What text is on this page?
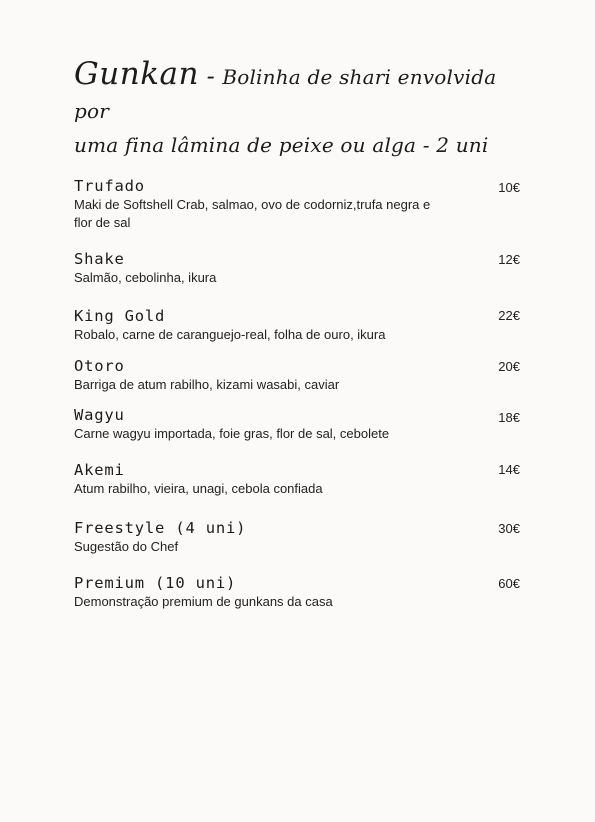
Gunkan - Bolinha de shari envolvida por
uma fina lâmina de peixe ou alga - 2 uni
Trufado	10€
Maki de Softshell Crab, salmao, ovo de codorniz,trufa negra e flor de sal
Shake	12€
Salmão, cebolinha, ikura
King Gold	22€
Robalo, carne de caranguejo-real, folha de ouro, ikura
Otoro	20€
Barriga de atum rabilho, kizami wasabi, caviar
Wagyu	18€
Carne wagyu importada, foie gras, flor de sal, cebolete
Akemi	14€
Atum rabilho, vieira, unagi, cebola confiada
Freestyle (4 uni)	30€
Sugestão do Chef
Premium (10 uni)	60€
Demonstração premium de gunkans da casa
